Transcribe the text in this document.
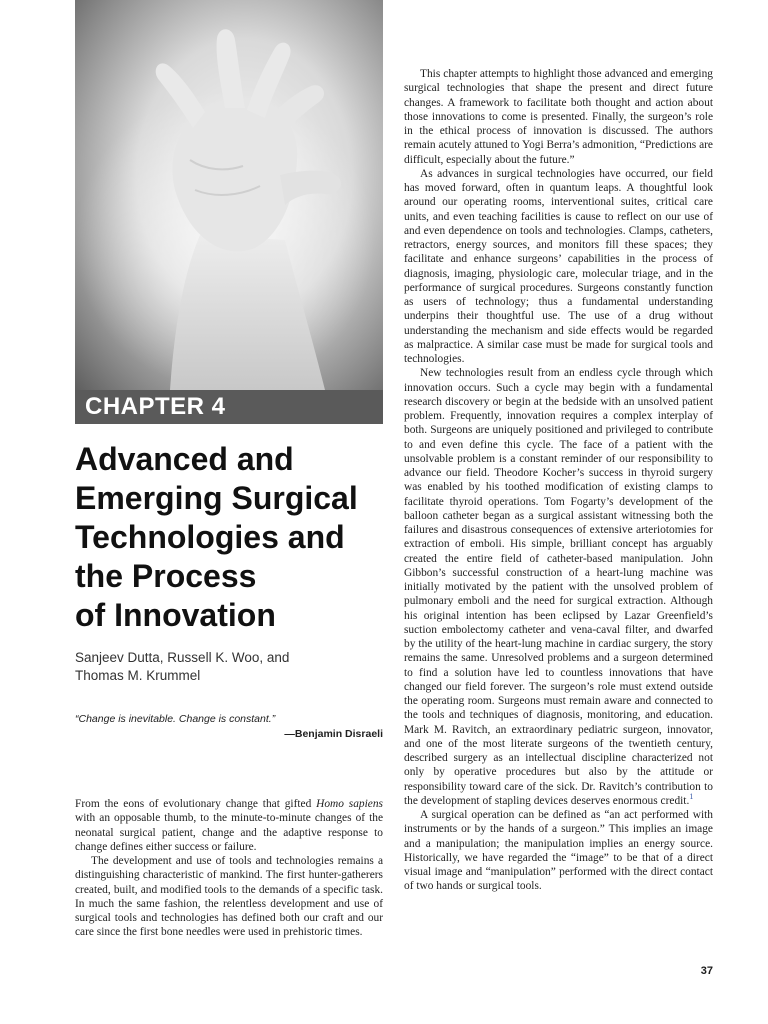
CHAPTER 4
Advanced and
Emerging Surgical
Technologies and
the Process
of Innovation
Sanjeev Dutta, Russell K. Woo, and
Thomas M. Krummel
“Change is inevitable. Change is constant.”
—Benjamin Disraeli

From the eons of evolutionary change that gifted Homo sapiens with an opposable thumb, to the minute-to-minute changes of the neonatal surgical patient, change and the adaptive response to change defines either success or failure.

The development and use of tools and technologies remains a distinguishing characteristic of mankind. The first hunter-gatherers created, built, and modified tools to the demands of a specific task. In much the same fashion, the relentless development and use of surgical tools and technologies has defined both our craft and our care since the first bone needles were used in prehistoric times.

This chapter attempts to highlight those advanced and emerging surgical technologies that shape the present and direct future changes. A framework to facilitate both thought and action about those innovations to come is presented. Finally, the surgeon’s role in the ethical process of innovation is discussed. The authors remain acutely attuned to Yogi Berra’s admonition, “Predictions are difficult, especially about the future.”

As advances in surgical technologies have occurred, our field has moved forward, often in quantum leaps. A thoughtful look around our operating rooms, interventional suites, critical care units, and even teaching facilities is cause to reflect on our use of and even dependence on tools and technologies. Clamps, catheters, retractors, energy sources, and monitors fill these spaces; they facilitate and enhance surgeons’ capabilities in the process of diagnosis, imaging, physiologic care, molecular triage, and in the performance of surgical procedures. Surgeons constantly function as users of technology; thus a fundamental understanding underpins their thoughtful use. The use of a drug without understanding the mechanism and side effects would be regarded as malpractice. A similar case must be made for surgical tools and technologies.

New technologies result from an endless cycle through which innovation occurs. Such a cycle may begin with a fundamental research discovery or begin at the bedside with an unsolved patient problem. Frequently, innovation requires a complex interplay of both. Surgeons are uniquely positioned and privileged to contribute to and even define this cycle. The face of a patient with the unsolvable problem is a constant reminder of our responsibility to advance our field. Theodore Kocher’s success in thyroid surgery was enabled by his toothed modification of existing clamps to facilitate thyroid operations. Tom Fogarty’s development of the balloon catheter began as a surgical assistant witnessing both the failures and disastrous consequences of extensive arteriotomies for extraction of emboli. His simple, brilliant concept has arguably created the entire field of catheter-based manipulation. John Gibbon’s successful construction of a heart-lung machine was initially motivated by the patient with the unsolved problem of pulmonary emboli and the need for surgical extraction. Although his original intention has been eclipsed by Lazar Greenfield’s suction embolectomy catheter and vena-caval filter, and dwarfed by the utility of the heart-lung machine in cardiac surgery, the story remains the same. Unresolved problems and a surgeon determined to find a solution have led to countless innovations that have changed our field forever. The surgeon’s role must extend outside the operating room. Surgeons must remain aware and connected to the tools and techniques of diagnosis, monitoring, and education. Mark M. Ravitch, an extraordinary pediatric surgeon, innovator, and one of the most literate surgeons of the twentieth century, described surgery as an intellectual discipline characterized not only by operative procedures but also by the attitude or responsibility toward care of the sick. Dr. Ravitch’s contribution to the development of stapling devices deserves enormous credit.$^1$

A surgical operation can be defined as “an act performed with instruments or by the hands of a surgeon.” This implies an image and a manipulation; the manipulation implies an energy source. Historically, we have regarded the “image” to be that of a direct visual image and “manipulation” performed with the direct contact of two hands or surgical tools.

37
